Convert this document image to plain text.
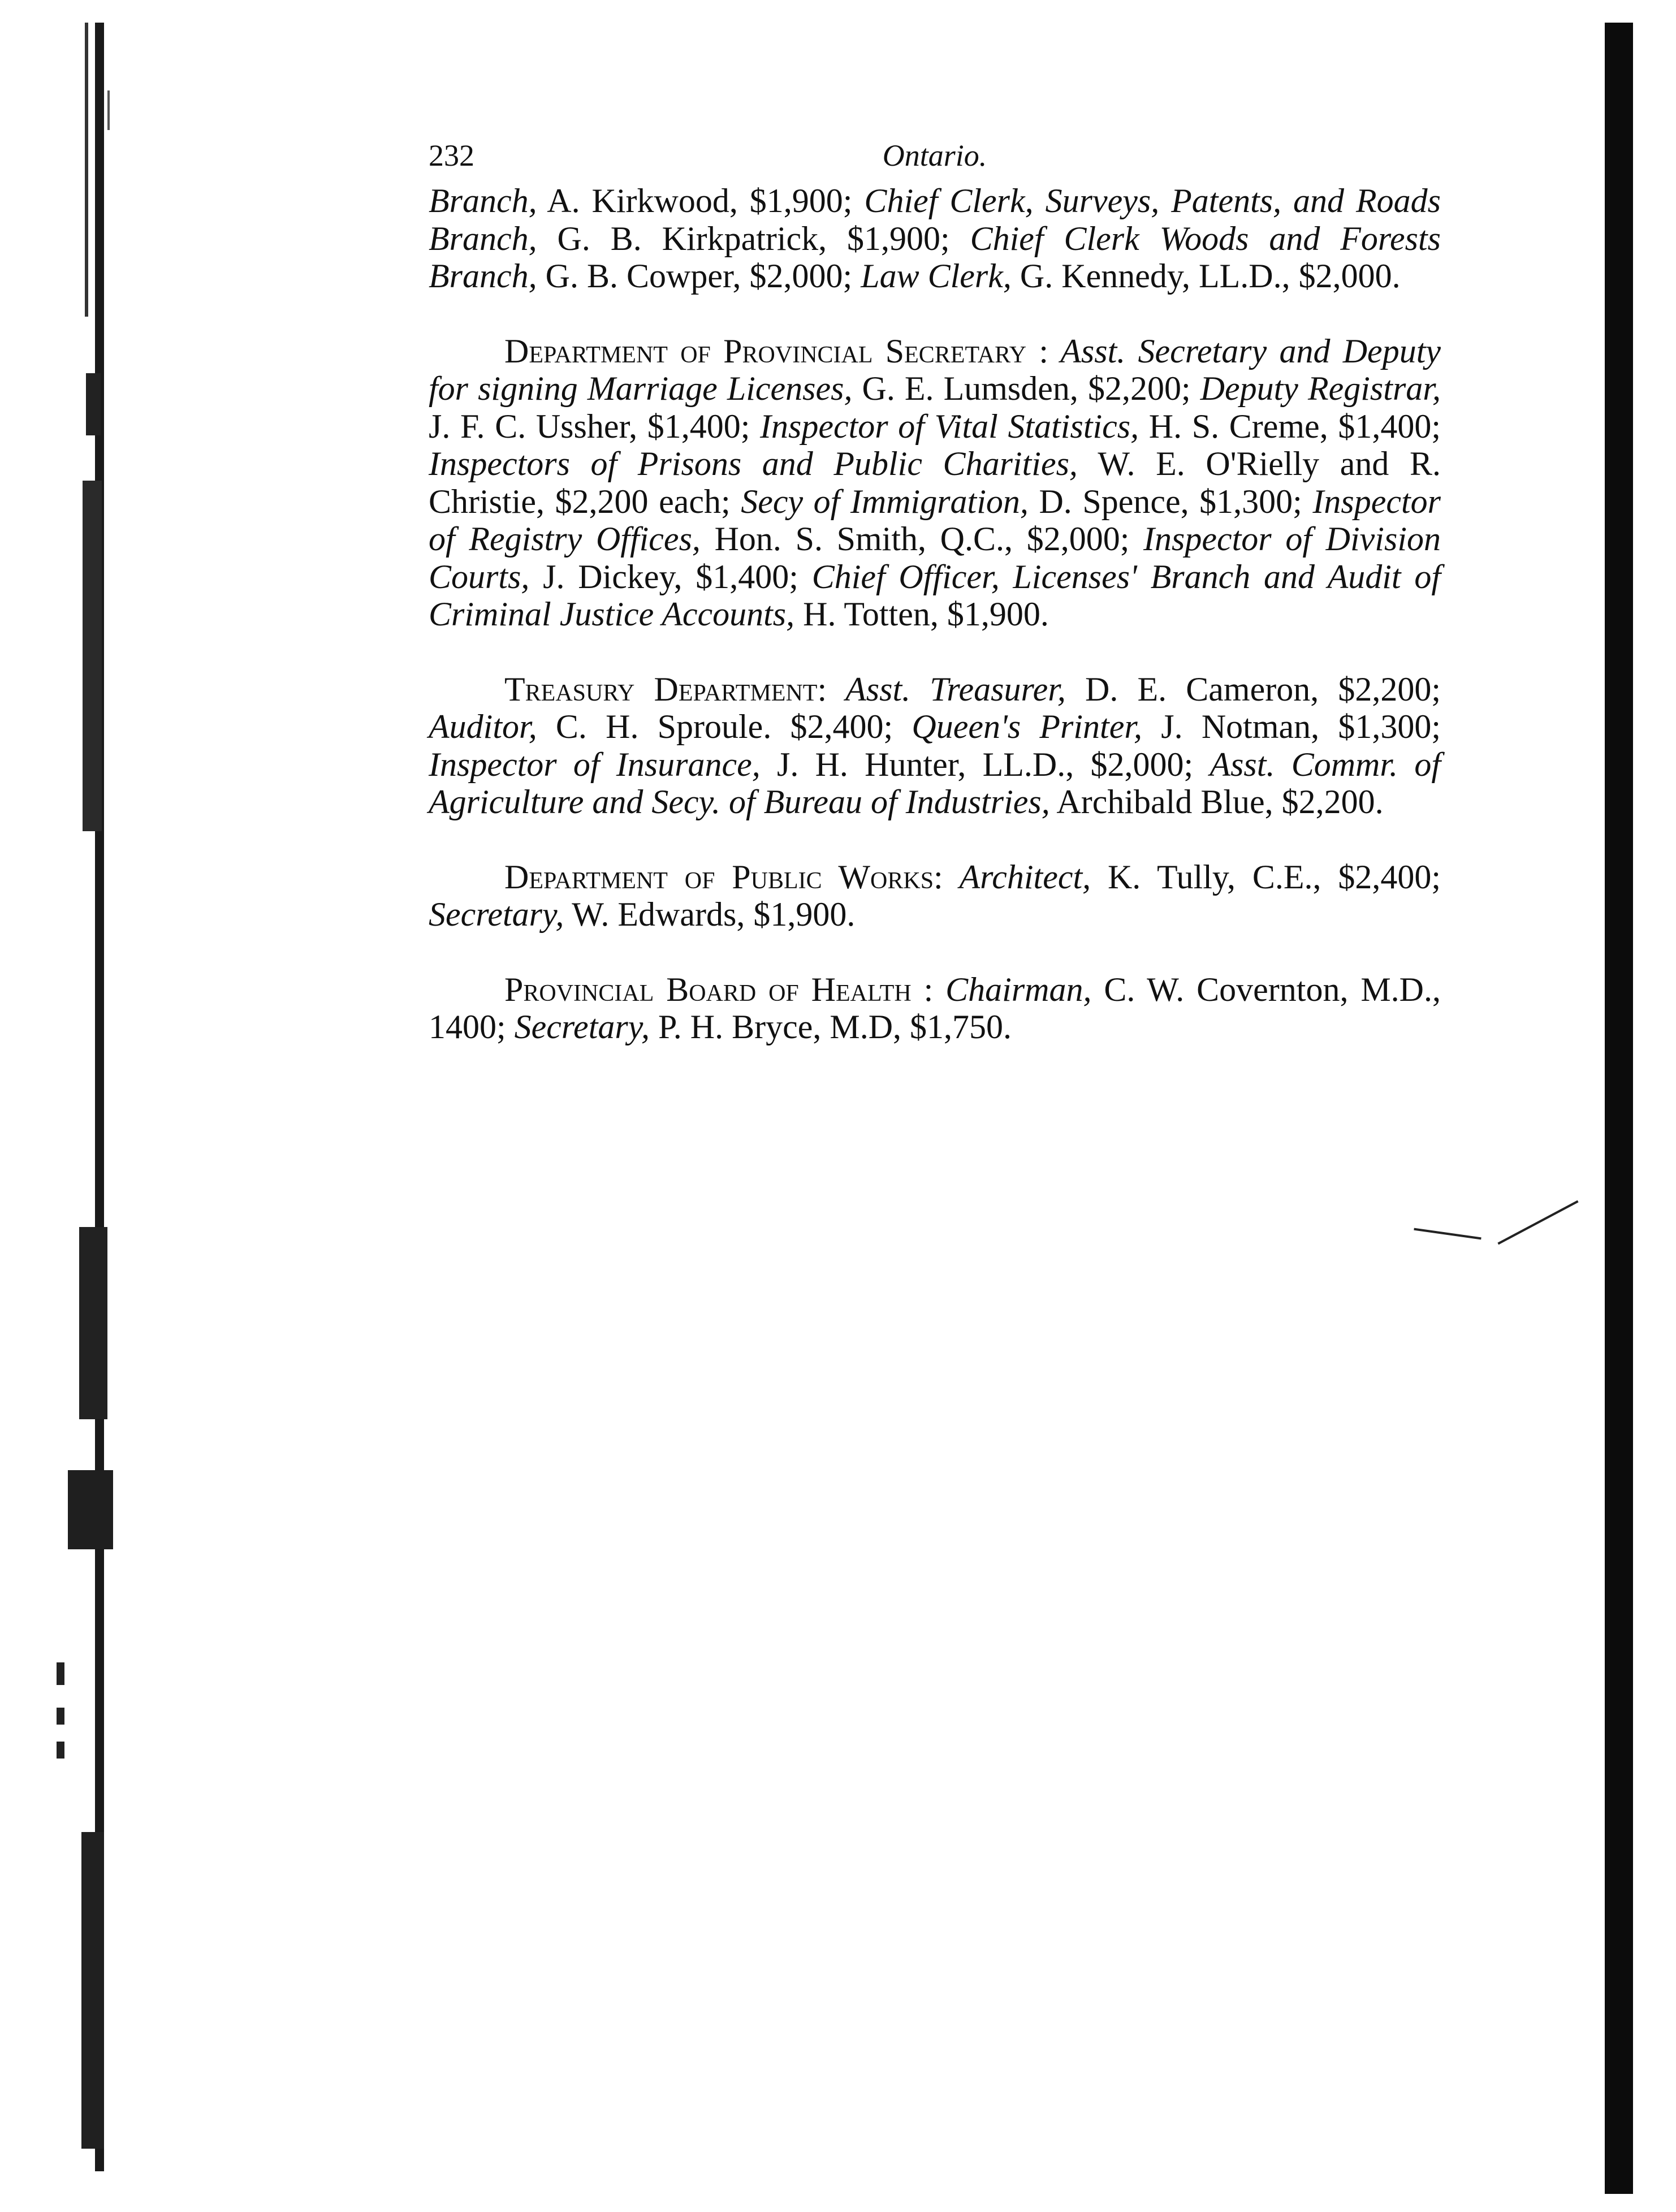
232	Ontario.

Branch, A. Kirkwood, $1,900; Chief Clerk, Surveys, Patents, and Roads Branch, G. B. Kirkpatrick, $1,900; Chief Clerk Woods and Forests Branch, G. B. Cowper, $2,000; Law Clerk, G. Kennedy, LL.D., $2,000.

Department of Provincial Secretary : Asst. Secretary and Deputy for signing Marriage Licenses, G. E. Lumsden, $2,200; Deputy Registrar, J. F. C. Ussher, $1,400; Inspector of Vital Statistics, H. S. Creme, $1,400; Inspectors of Prisons and Public Charities, W. E. O'Rielly and R. Christie, $2,200 each; Secy of Immigration, D. Spence, $1,300; Inspector of Registry Offices, Hon. S. Smith, Q.C., $2,000; Inspector of Division Courts, J. Dickey, $1,400; Chief Officer, Licenses' Branch and Audit of Criminal Justice Accounts, H. Totten, $1,900.

Treasury Department: Asst. Treasurer, D. E. Cameron, $2,200; Auditor, C. H. Sproule. $2,400; Queen's Printer, J. Notman, $1,300; Inspector of Insurance, J. H. Hunter, LL.D., $2,000; Asst. Commr. of Agriculture and Secy. of Bureau of Industries, Archibald Blue, $2,200.

Department of Public Works: Architect, K. Tully, C.E., $2,400; Secretary, W. Edwards, $1,900.

Provincial Board of Health : Chairman, C. W. Covernton, M.D., 1400; Secretary, P. H. Bryce, M.D, $1,750.
